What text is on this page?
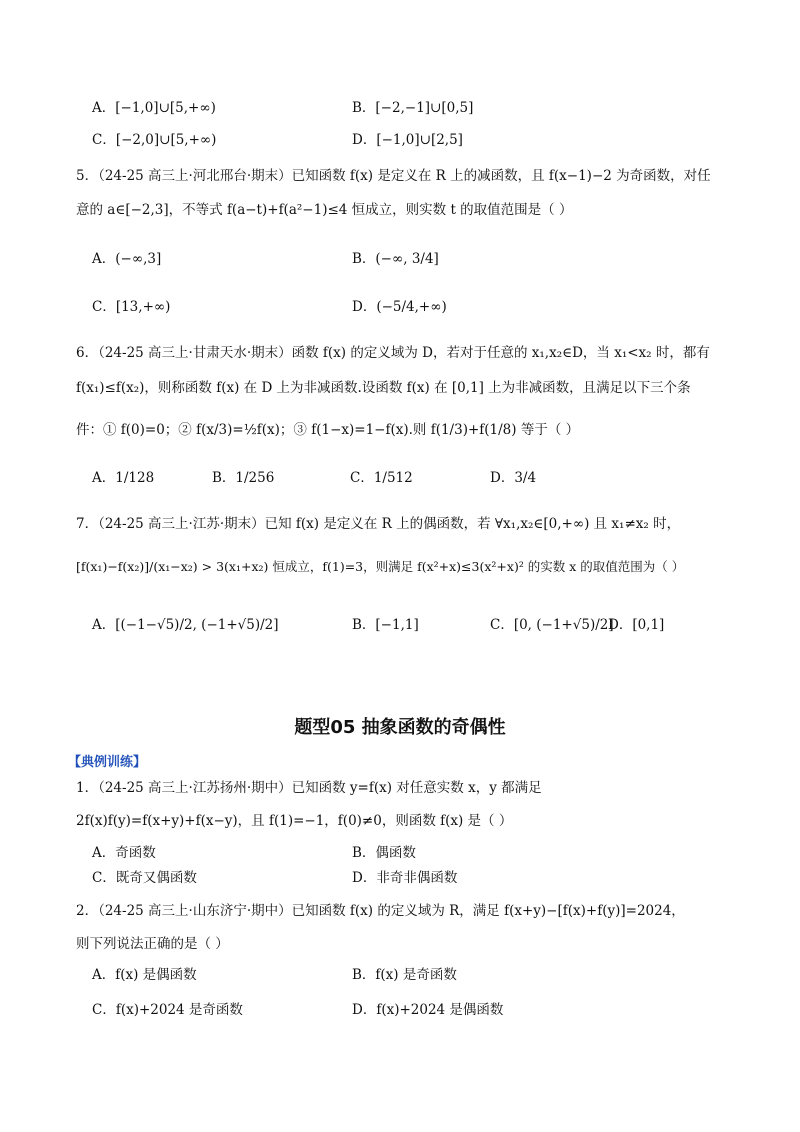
A．[−1,0]∪[5,+∞)	B．[−2,−1]∪[0,5]
C．[−2,0]∪[5,+∞)	D．[−1,0]∪[2,5]
5．（24-25 高三上·河北邢台·期末）已知函数 f(x) 是定义在 R 上的减函数，且 f(x−1)−2 为奇函数，对任
意的 a∈[−2,3]，不等式 f(a−t)+f(a²−1)≤4 恒成立，则实数 t 的取值范围是（ ）
A．(−∞,3]	B．(−∞, 3/4]
C．[13,+∞)	D．(−5/4,+∞)
6．（24-25 高三上·甘肃天水·期末）函数 f(x) 的定义域为 D，若对于任意的 x₁,x₂∈D，当 x₁<x₂ 时，都有
f(x₁)≤f(x₂)，则称函数 f(x) 在 D 上为非减函数.设函数 f(x) 在 [0,1] 上为非减函数，且满足以下三个条
件：① f(0)=0；② f(x/3)=½f(x)；③ f(1−x)=1−f(x).则 f(1/3)+f(1/8) 等于（ ）
A．1/128	B．1/256	C．1/512	D．3/4
7．（24-25 高三上·江苏·期末）已知 f(x) 是定义在 R 上的偶函数，若 ∀x₁,x₂∈[0,+∞) 且 x₁≠x₂ 时，
[f(x₁)−f(x₂)]/(x₁−x₂) > 3(x₁+x₂) 恒成立，f(1)=3，则满足 f(x²+x)≤3(x²+x)² 的实数 x 的取值范围为（ ）
A．[(−1−√5)/2, (−1+√5)/2]	B．[−1,1]	C．[0, (−1+√5)/2]
D．[0,1]
题型05 抽象函数的奇偶性
【典例训练】
1．（24-25 高三上·江苏扬州·期中）已知函数 y=f(x) 对任意实数 x，y 都满足
2f(x)f(y)=f(x+y)+f(x−y)，且 f(1)=−1，f(0)≠0，则函数 f(x) 是（ ）
A．奇函数	B．偶函数
C．既奇又偶函数	D．非奇非偶函数
2．（24-25 高三上·山东济宁·期中）已知函数 f(x) 的定义域为 R，满足 f(x+y)−[f(x)+f(y)]=2024，
则下列说法正确的是（ ）
A．f(x) 是偶函数	B．f(x) 是奇函数
C．f(x)+2024 是奇函数	D．f(x)+2024 是偶函数
